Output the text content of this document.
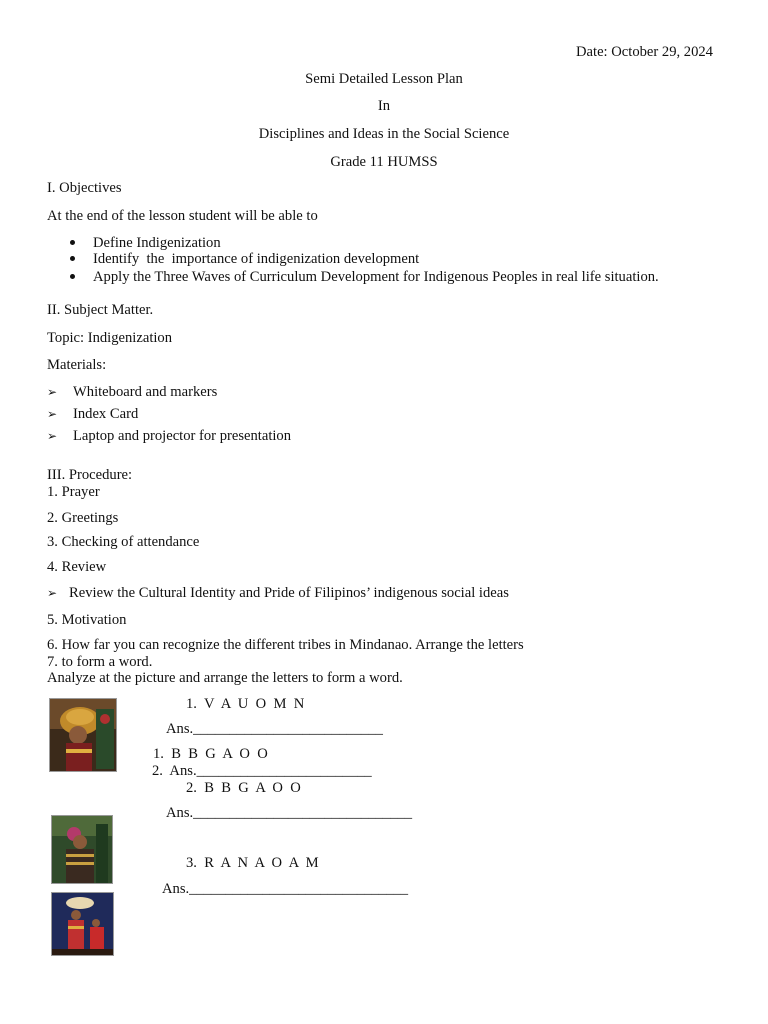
Date: October 29, 2024
Semi Detailed Lesson Plan
In
Disciplines and Ideas in the Social Science
Grade 11 HUMSS
I. Objectives
At the end of the lesson student will be able to
Define Indigenization
Identify  the  importance of indigenization development
Apply the Three Waves of Curriculum Development for Indigenous Peoples in real life situation.
II. Subject Matter.
Topic: Indigenization
Materials:
➢ Whiteboard and markers
➢ Index Card
➢ Laptop and projector for presentation
III. Procedure:
1. Prayer
2. Greetings
3. Checking of attendance
4. Review
➢ Review the Cultural Identity and Pride of Filipinos’ indigenous social ideas
5. Motivation
6. How far you can recognize the different tribes in Mindanao. Arrange the letters
7. to form a word.
Analyze at the picture and arrange the letters to form a word.
1.  V  A  U  O  M  N
Ans.__________________________
1.  B  B  G  A  O  O
2.  Ans.________________________
2.  B  B  G  A  O  O
Ans.______________________________
3.  R  A  N  A  O  A  M
Ans.______________________________
